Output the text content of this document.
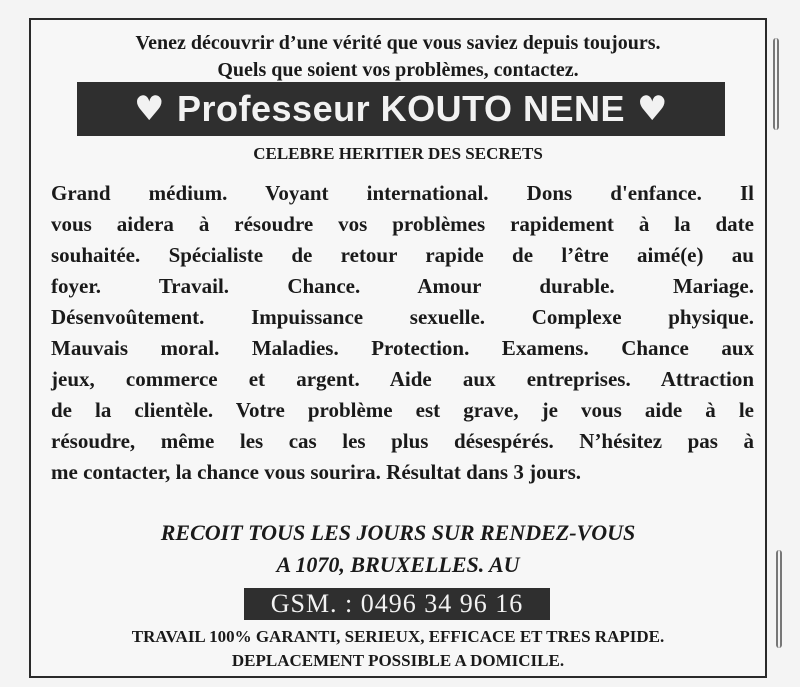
Venez découvrir d’une vérité que vous saviez depuis toujours.
Quels que soient vos problèmes, contactez.
♥ Professeur KOUTO NENE ♥
CELEBRE HERITIER DES SECRETS
Grand médium. Voyant international. Dons d'enfance. Il
vous aidera à résoudre vos problèmes rapidement à la date
souhaitée. Spécialiste de retour rapide de l’être aimé(e) au
foyer. Travail. Chance. Amour durable. Mariage.
Désenvoûtement. Impuissance sexuelle. Complexe physique.
Mauvais moral. Maladies. Protection. Examens. Chance aux
jeux, commerce et argent. Aide aux entreprises. Attraction
de la clientèle. Votre problème est grave, je vous aide à le
résoudre, même les cas les plus désespérés. N’hésitez pas à
me contacter, la chance vous sourira. Résultat dans 3 jours.
RECOIT TOUS LES JOURS SUR RENDEZ-VOUS
A 1070, BRUXELLES. AU
GSM. : 0496 34 96 16
TRAVAIL 100% GARANTI, SERIEUX, EFFICACE ET TRES RAPIDE.
DEPLACEMENT POSSIBLE A DOMICILE.
